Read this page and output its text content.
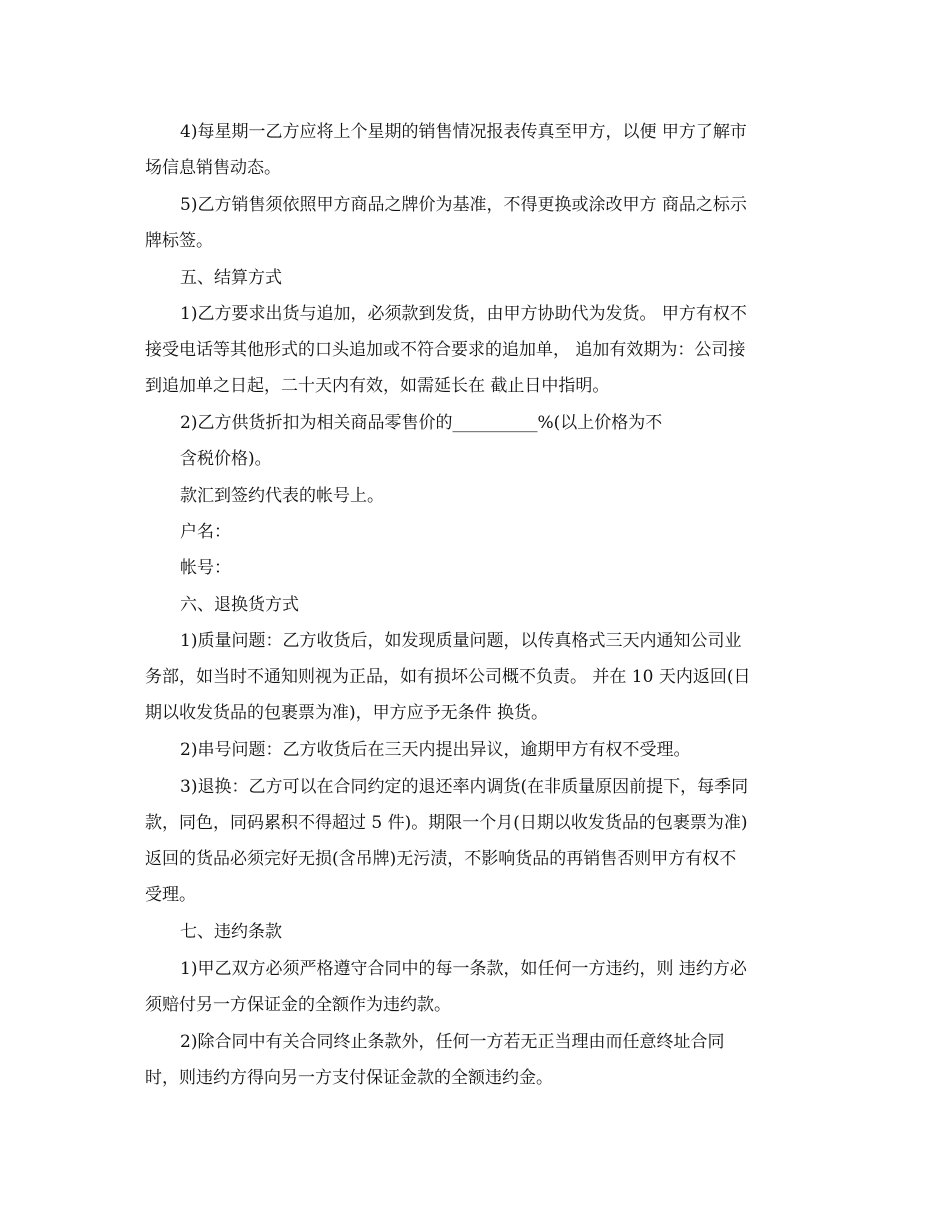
4)每星期一乙方应将上个星期的销售情况报表传真至甲方，以便 甲方了解市
场信息销售动态。
5)乙方销售须依照甲方商品之牌价为基准，不得更换或涂改甲方 商品之标示
牌标签。
五、结算方式
1)乙方要求出货与追加，必须款到发货，由甲方协助代为发货。 甲方有权不
接受电话等其他形式的口头追加或不符合要求的追加单， 追加有效期为：公司接
到追加单之日起，二十天内有效，如需延长在 截止日中指明。
2)乙方供货折扣为相关商品零售价的__________%(以上价格为不
含税价格)。
款汇到签约代表的帐号上。
户名：
帐号：
六、退换货方式
1)质量问题：乙方收货后，如发现质量问题，以传真格式三天内通知公司业
务部，如当时不通知则视为正品，如有损坏公司概不负责。 并在 10 天内返回(日
期以收发货品的包裹票为准)，甲方应予无条件 换货。
2)串号问题：乙方收货后在三天内提出异议，逾期甲方有权不受理。
3)退换：乙方可以在合同约定的退还率内调货(在非质量原因前提下，每季同
款，同色，同码累积不得超过 5 件)。期限一个月(日期以收发货品的包裹票为准)
返回的货品必须完好无损(含吊牌)无污渍，不影响货品的再销售否则甲方有权不
受理。
七、违约条款
1)甲乙双方必须严格遵守合同中的每一条款，如任何一方违约，则 违约方必
须赔付另一方保证金的全额作为违约款。
2)除合同中有关合同终止条款外，任何一方若无正当理由而任意终址合同
时，则违约方得向另一方支付保证金款的全额违约金。
